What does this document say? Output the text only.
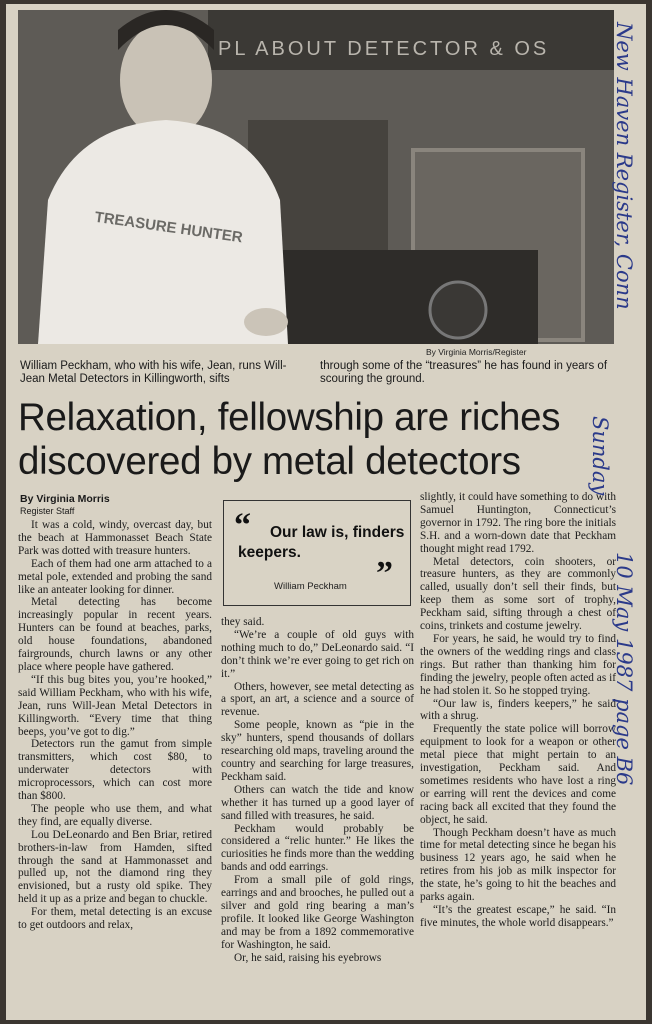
PL ABOUT DETECTOR & OS
TREASURE HUNTER
By Virginia Morris/Register
William Peckham, who with his wife, Jean, runs Will-Jean Metal Detectors in Killingworth, sifts
through some of the “treasures” he has found in years of scouring the ground.
Relaxation, fellowship are riches
discovered by metal detectors
By Virginia Morris
Register Staff

It was a cold, windy, overcast day, but the beach at Hammonasset Beach State Park was dotted with treasure hunters.

Each of them had one arm attached to a metal pole, extended and probing the sand like an anteater looking for dinner.

Metal detecting has become increasingly popular in recent years. Hunters can be found at beaches, parks, old house foundations, abandoned fairgrounds, church lawns or any other place where people have gathered.

“If this bug bites you, you’re hooked,” said William Peckham, who with his wife, Jean, runs Will-Jean Metal Detectors in Killingworth. “Every time that thing beeps, you’ve got to dig.”

Detectors run the gamut from simple transmitters, which cost $80, to underwater detectors with microprocessors, which can cost more than $800.

The people who use them, and what they find, are equally diverse.

Lou DeLeonardo and Ben Briar, retired brothers-in-law from Hamden, sifted through the sand at Hammonasset and pulled up, not the diamond ring they envisioned, but a rusty old spike. They held it up as a prize and began to chuckle.

For them, metal detecting is an excuse to get outdoors and relax,

“	Our law is, finders keepers.
William Peckham ”

they said.

“We’re a couple of old guys with nothing much to do,” DeLeonardo said. “I don’t think we’re ever going to get rich on it.”

Others, however, see metal detecting as a sport, an art, a science and a source of revenue.

Some people, known as “pie in the sky” hunters, spend thousands of dollars researching old maps, traveling around the country and searching for large treasures, Peckham said.

Others can watch the tide and know whether it has turned up a good layer of sand filled with treasures, he said.

Peckham would probably be considered a “relic hunter.” He likes the curiosities he finds more than the wedding bands and odd earrings.

From a small pile of gold rings, earrings and and brooches, he pulled out a silver and gold ring bearing a man’s profile. It looked like George Washington and may be from a 1892 commemorative for Washington, he said.

Or, he said, raising his eyebrows

slightly, it could have something to do with Samuel Huntington, Connecticut’s governor in 1792. The ring bore the initials S.H. and a worn-down date that Peckham thought might read 1792.

Metal detectors, coin shooters, or treasure hunters, as they are commonly called, usually don’t sell their finds, but keep them as some sort of trophy, Peckham said, sifting through a chest of coins, trinkets and costume jewelry.

For years, he said, he would try to find the owners of the wedding rings and class rings. But rather than thanking him for finding the jewelry, people often acted as if he had stolen it. So he stopped trying.

“Our law is, finders keepers,” he said with a shrug.

Frequently the state police will borrow equipment to look for a weapon or other metal piece that might pertain to an investigation, Peckham said. And sometimes residents who have lost a ring or earring will rent the devices and come racing back all excited that they found the object, he said.

Though Peckham doesn’t have as much time for metal detecting since he began his business 12 years ago, he said when he retires from his job as milk inspector for the state, he’s going to hit the beaches and parks again.

“It’s the greatest escape,” he said. “In five minutes, the whole world disappears.”

New Haven Register, Conn
Sunday
10 May 1987 page B6
